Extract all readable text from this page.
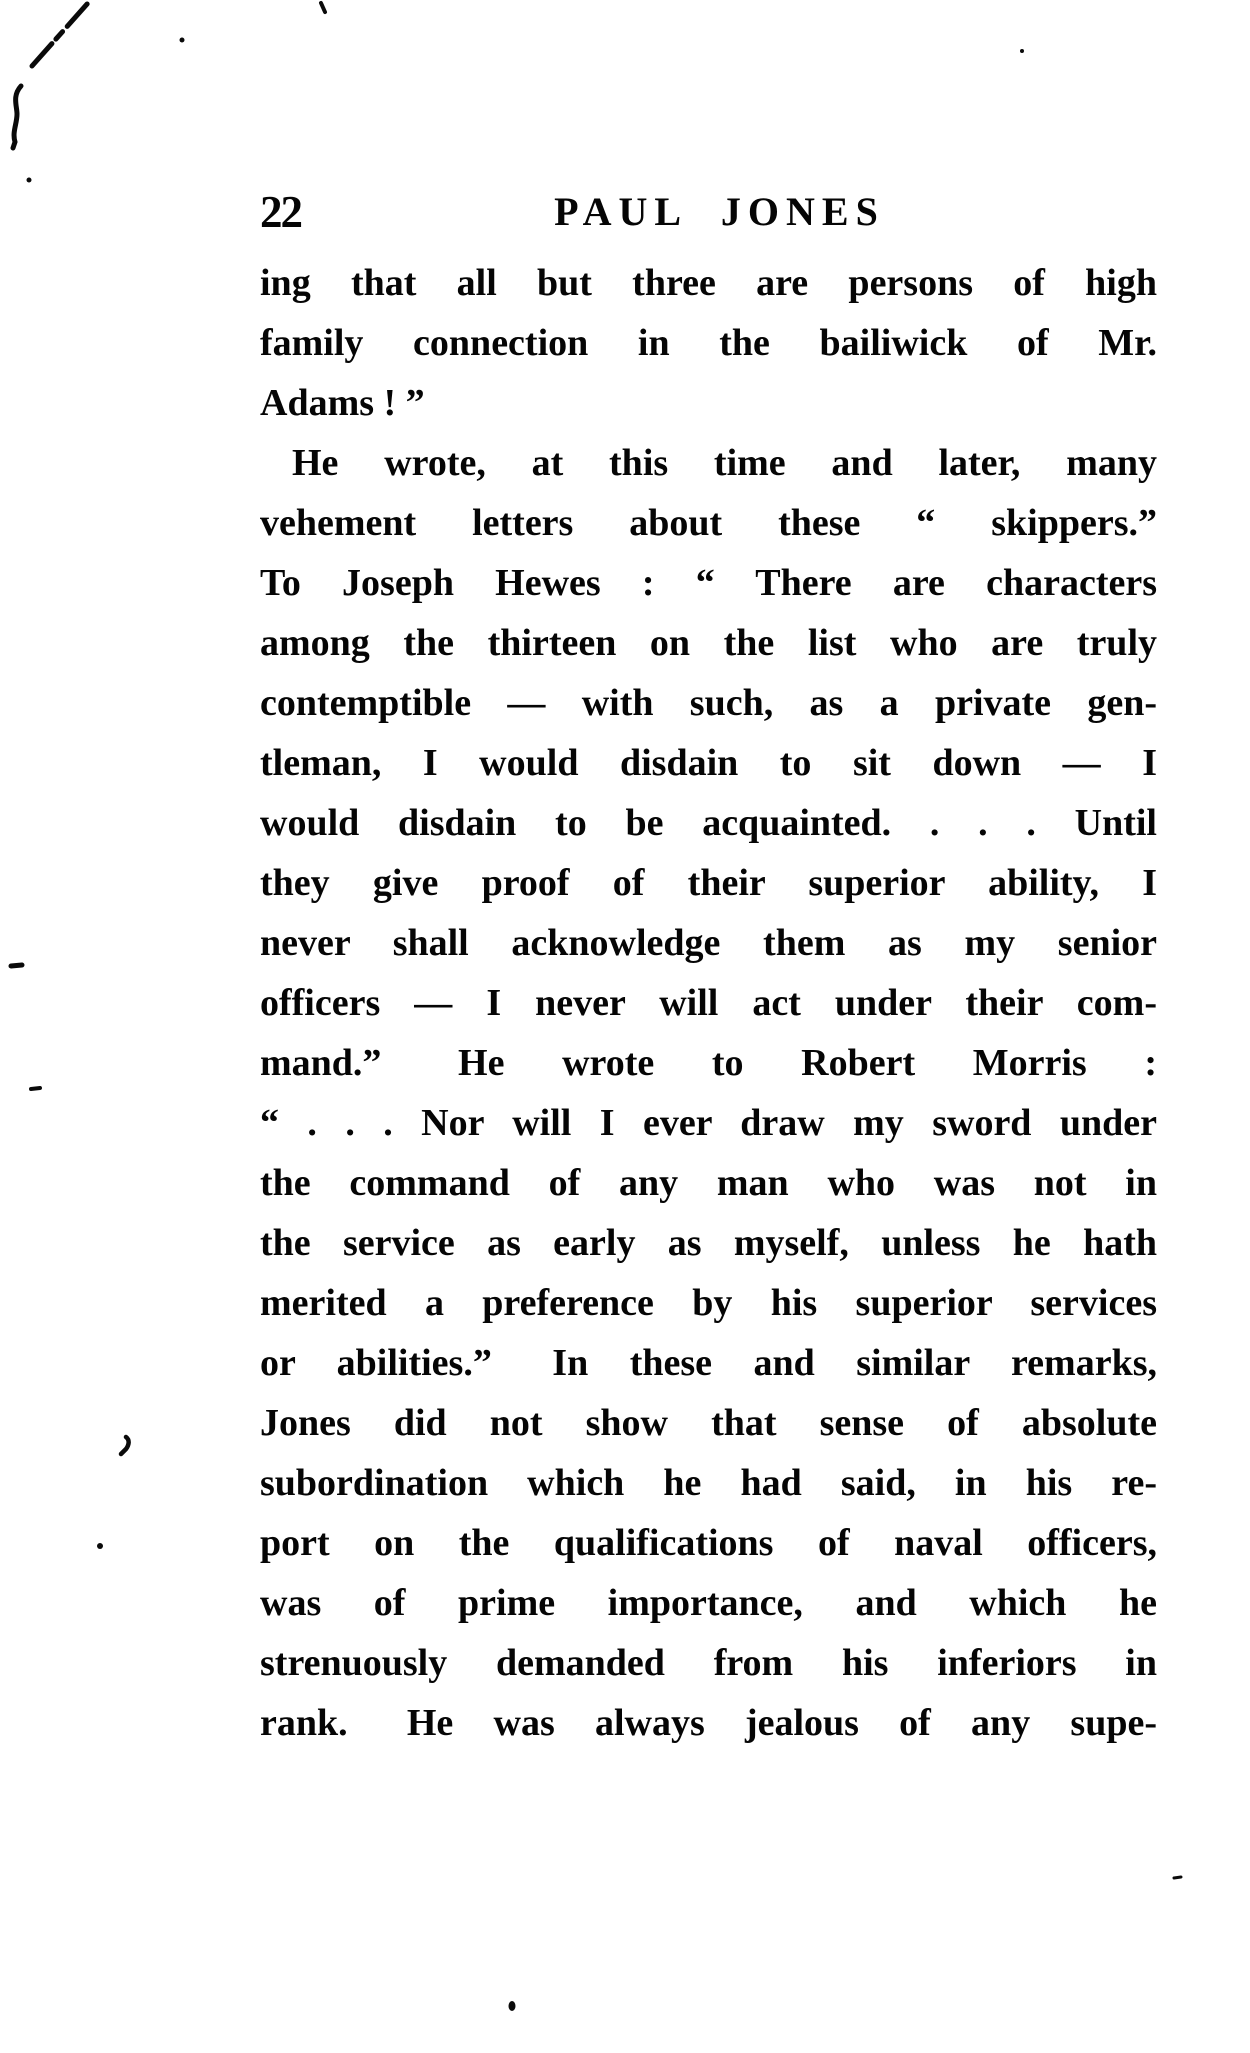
22	PAUL JONES
ing that all but three are persons of high
family connection in the bailiwick of Mr.
Adams ! ”
He wrote, at this time and later, many
vehement letters about these “ skippers.”
To Joseph Hewes : “ There are characters
among the thirteen on the list who are truly
contemptible — with such, as a private gen-
tleman, I would disdain to sit down — I
would disdain to be acquainted. . . . Until
they give proof of their superior ability, I
never shall acknowledge them as my senior
officers — I never will act under their com-
mand.”  He wrote to Robert Morris :
“ . . . Nor will I ever draw my sword under
the command of any man who was not in
the service as early as myself, unless he hath
merited a preference by his superior services
or abilities.”  In these and similar remarks,
Jones did not show that sense of absolute
subordination which he had said, in his re-
port on the qualifications of naval officers,
was of prime importance, and which he
strenuously demanded from his inferiors in
rank.  He was always jealous of any supe-
